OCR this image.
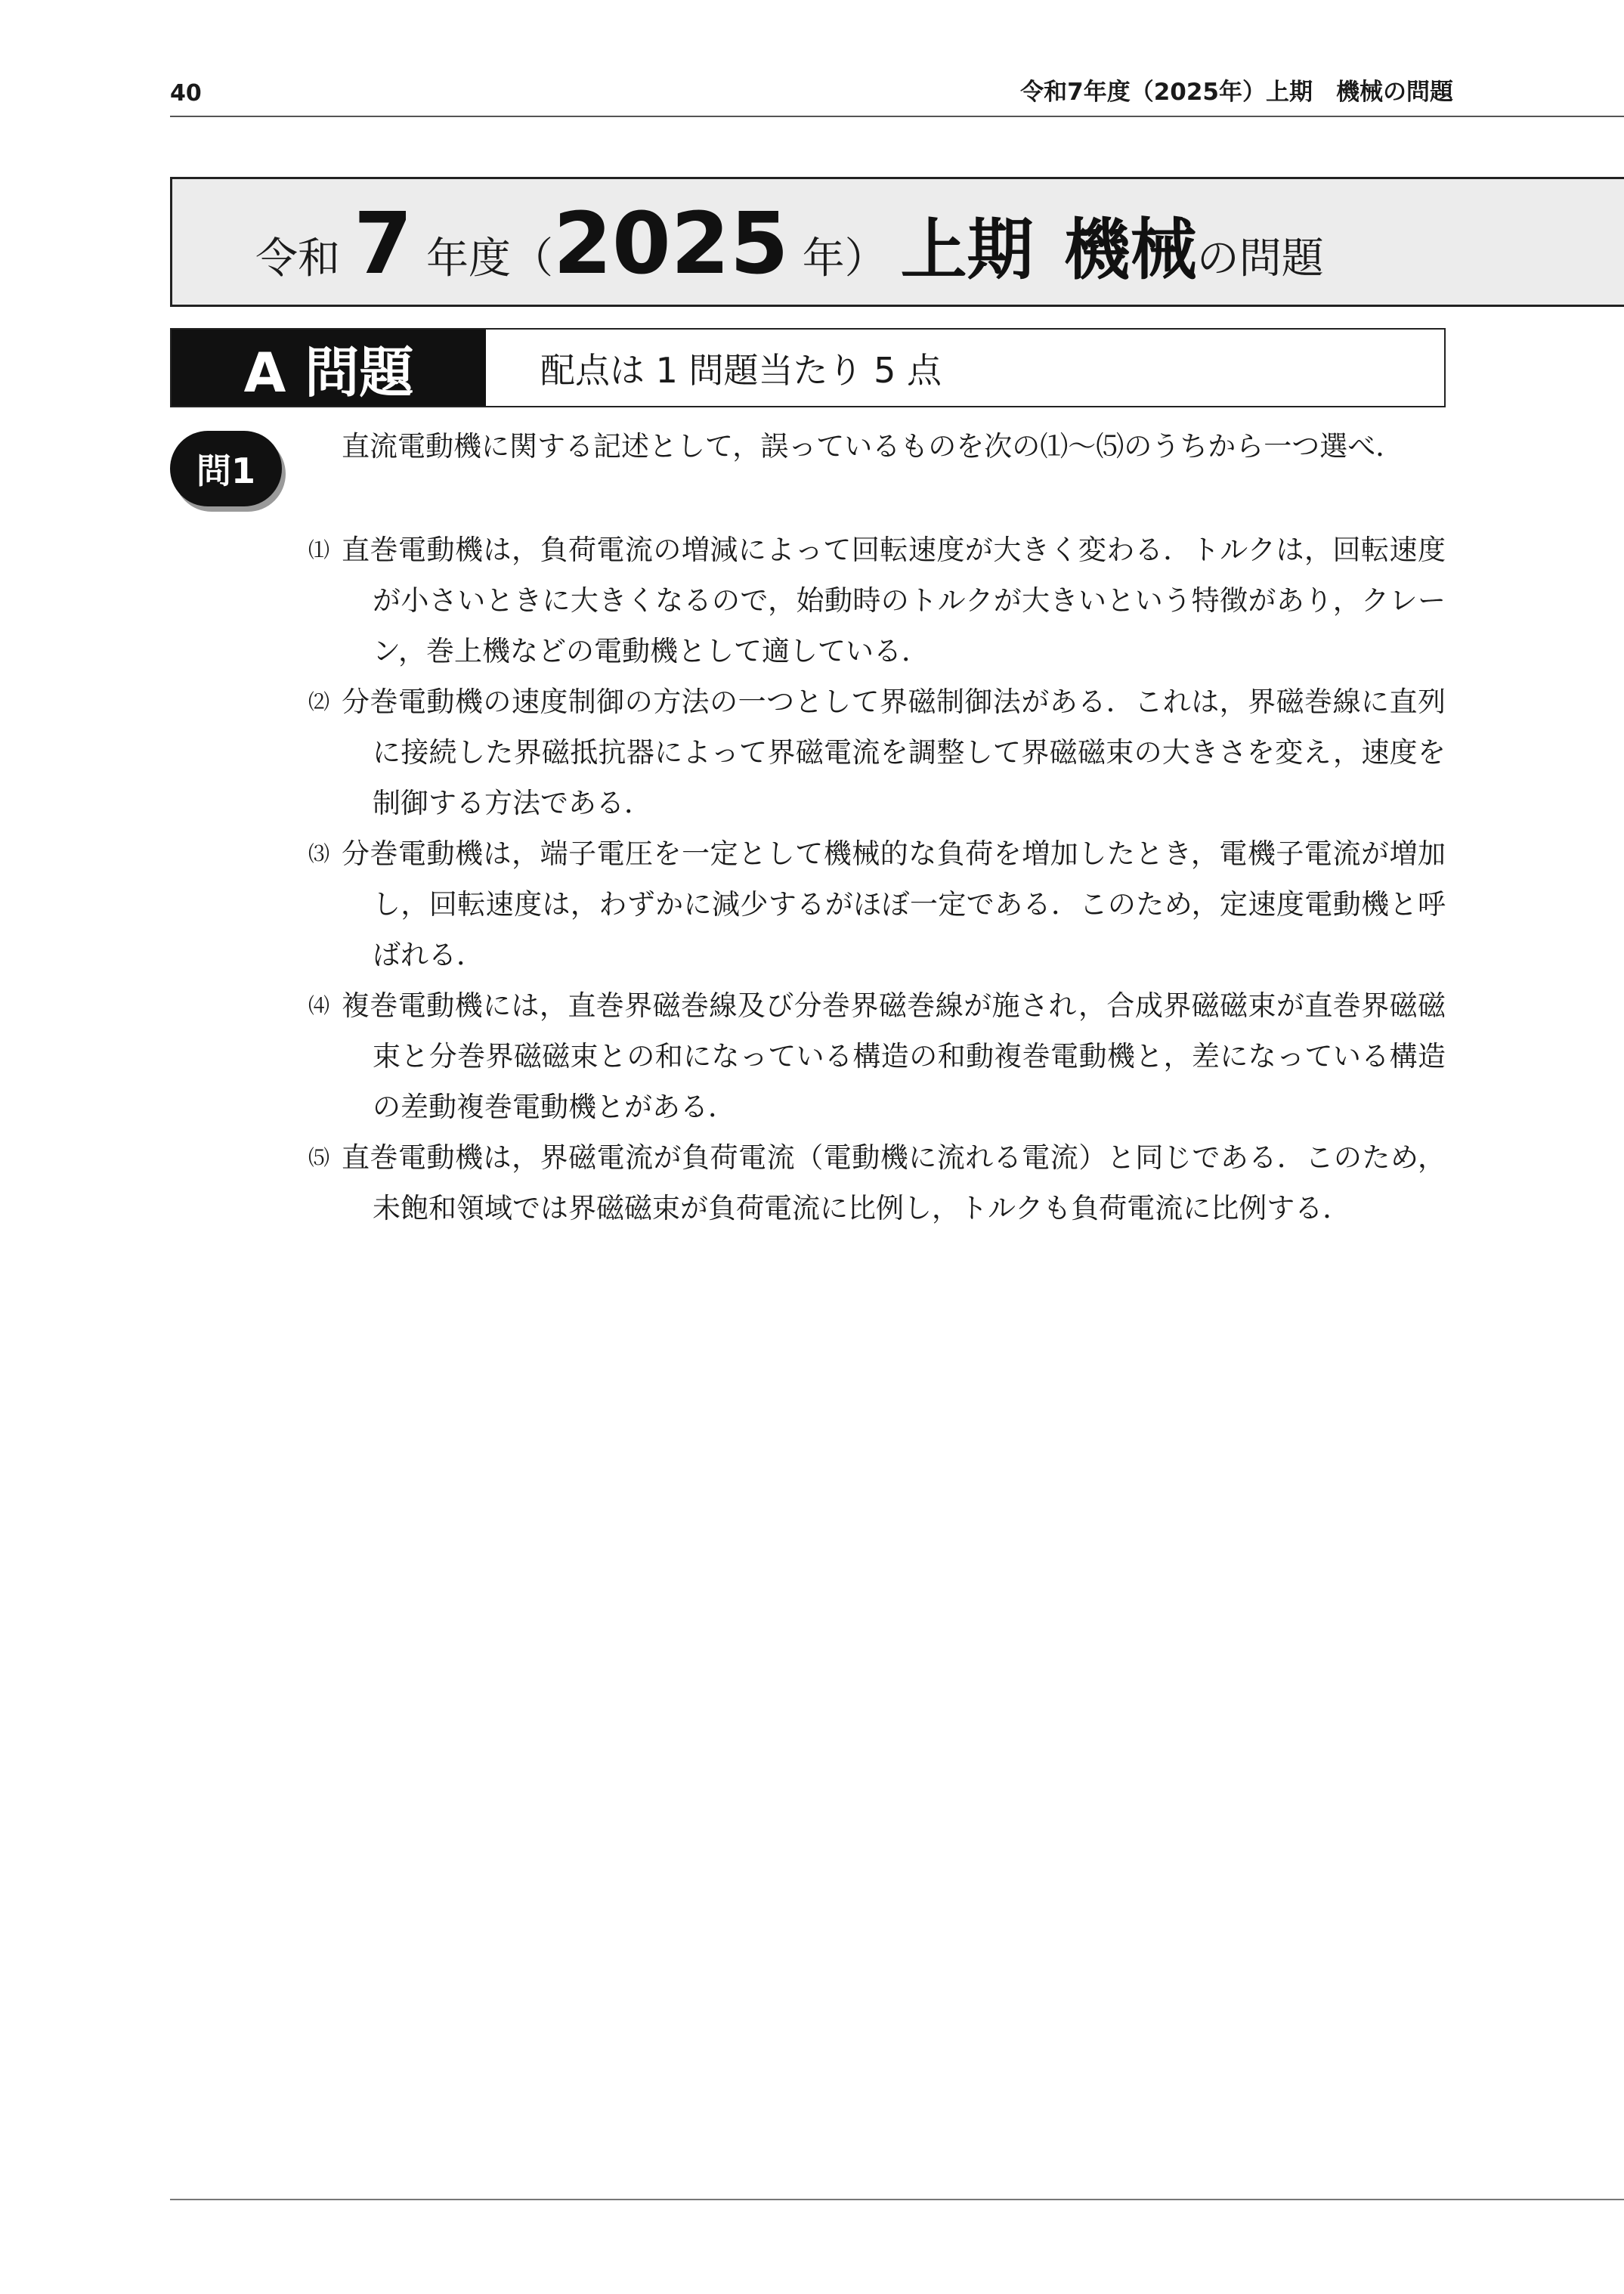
40	令和7年度（2025年）上期　機械の問題
令和 7 年度（ 2025 年） 上期 機械 の問題
A 問題	配点は 1 問題当たり 5 点
問1
直流電動機に関する記述として，誤っているものを次の⑴～⑸のうちから一つ選べ．
⑴ 直巻電動機は，負荷電流の増減によって回転速度が大きく変わる．トルクは，回転速度が小さいときに大きくなるので，始動時のトルクが大きいという特徴があり，クレーン，巻上機などの電動機として適している．
⑵ 分巻電動機の速度制御の方法の一つとして界磁制御法がある．これは，界磁巻線に直列に接続した界磁抵抗器によって界磁電流を調整して界磁磁束の大きさを変え，速度を制御する方法である．
⑶ 分巻電動機は，端子電圧を一定として機械的な負荷を増加したとき，電機子電流が増加し，回転速度は，わずかに減少するがほぼ一定である．このため，定速度電動機と呼ばれる．
⑷ 複巻電動機には，直巻界磁巻線及び分巻界磁巻線が施され，合成界磁磁束が直巻界磁磁束と分巻界磁磁束との和になっている構造の和動複巻電動機と，差になっている構造の差動複巻電動機とがある．
⑸ 直巻電動機は，界磁電流が負荷電流（電動機に流れる電流）と同じである．このため，未飽和領域では界磁磁束が負荷電流に比例し，トルクも負荷電流に比例する．
